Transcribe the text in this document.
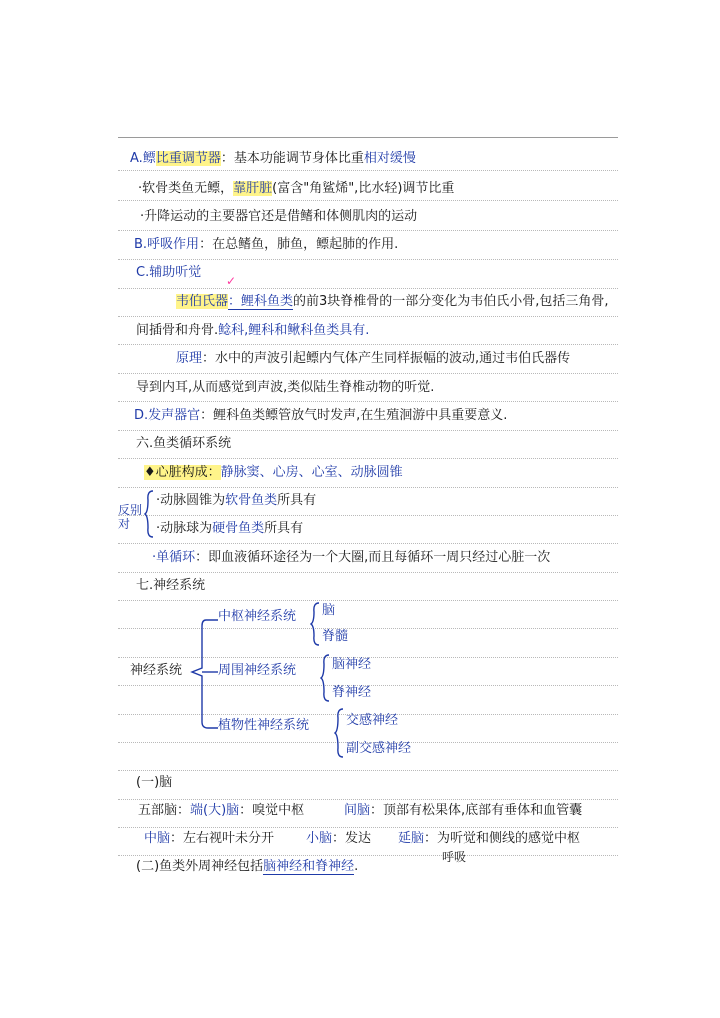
A.鳔比重调节器：基本功能调节身体比重相对缓慢
·软骨类鱼无鳔，靠肝脏(富含"角鲨烯",比水轻)调节比重
·升降运动的主要器官还是借鳍和体侧肌肉的运动
B.呼吸作用：在总鳍鱼，肺鱼，鳔起肺的作用.
C.辅助听觉
✓
韦伯氏器：鲤科鱼类的前3块脊椎骨的一部分变化为韦伯氏小骨,包括三角骨,
间插骨和舟骨.鲶科,鲤科和鳅科鱼类具有.
原理：水中的声波引起鳔内气体产生同样振幅的波动,通过韦伯氏器传
导到内耳,从而感觉到声波,类似陆生脊椎动物的听觉.
D.发声器官：鲤科鱼类鳔管放气时发声,在生殖洄游中具重要意义.
六.鱼类循环系统
♦心脏构成：静脉窦、心房、心室、动脉圆锥
反别对
·动脉圆锥为软骨鱼类所具有
·动脉球为硬骨鱼类所具有
·单循环：即血液循环途径为一个大圈,而且每循环一周只经过心脏一次
七.神经系统
神经系统
中枢神经系统 脑
脊髓
周围神经系统	脑神经
脊神经
植物性神经系统	交感神经
副交感神经
(一)脑
五部脑：端(大)脑：嗅觉中枢	间脑：顶部有松果体,底部有垂体和血管囊
中脑：左右视叶未分开 小脑：发达 延脑：为听觉和侧线的感觉中枢
呼吸
(二)鱼类外周神经包括脑神经和脊神经.
